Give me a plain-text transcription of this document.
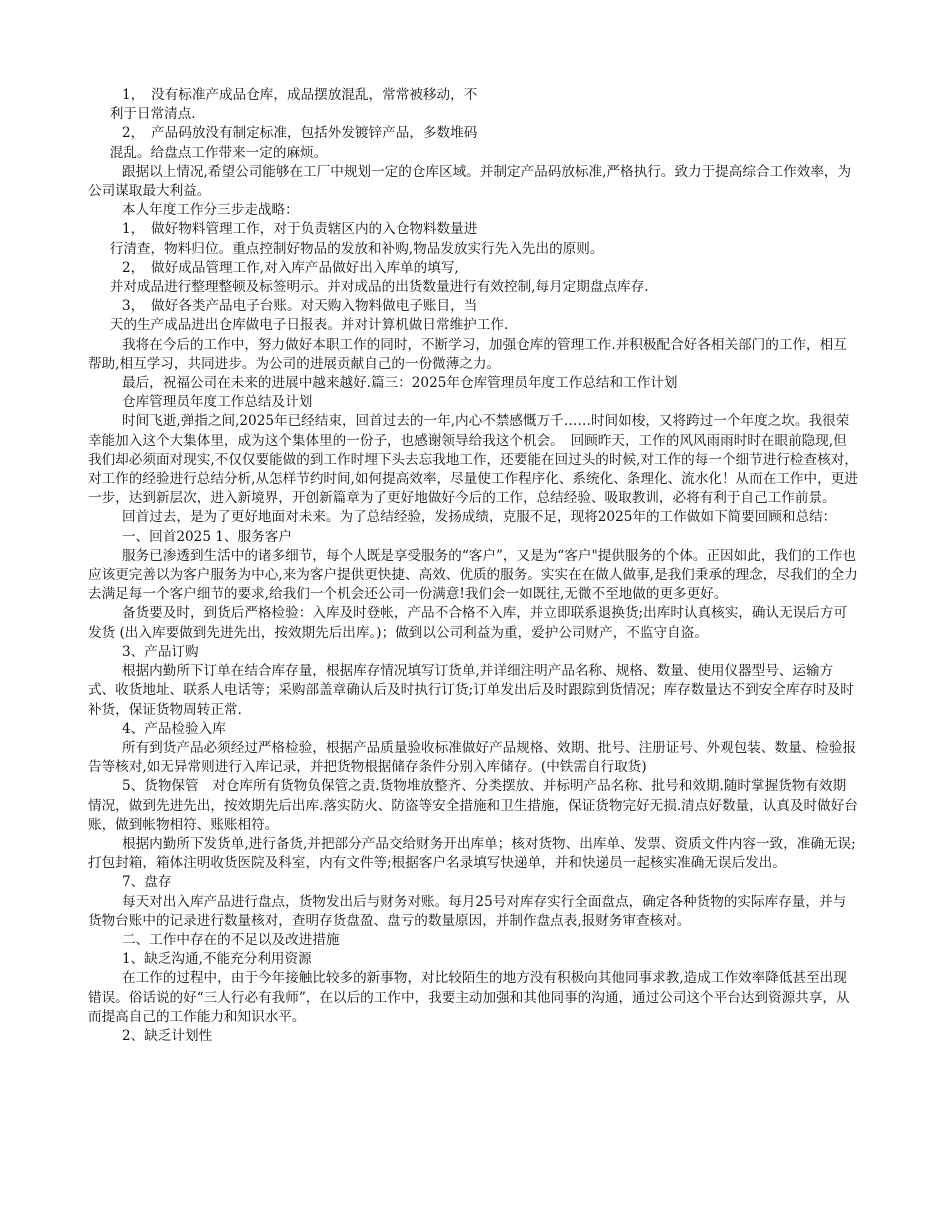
1，　没有标准产成品仓库，成品摆放混乱，常常被移动，不

利于日常清点.

2，　产品码放没有制定标准，包括外发镀锌产品，多数堆码

混乱。给盘点工作带来一定的麻烦。

跟据以上情况,希望公司能够在工厂中规划一定的仓库区域。并制定产品码放标准,严格执行。致力于提高综合工作效率，为公司谋取最大利益。

本人年度工作分三步走战略：

1，　做好物料管理工作，对于负责辖区内的入仓物料数量进

行清查，物料归位。重点控制好物品的发放和补购,物品发放实行先入先出的原则。

2，　做好成品管理工作,对入库产品做好出入库单的填写,

并对成品进行整理整顿及标签明示。并对成品的出货数量进行有效控制,每月定期盘点库存.

3，　做好各类产品电子台账。对天购入物料做电子账目，当

天的生产成品进出仓库做电子日报表。并对计算机做日常维护工作.

我将在今后的工作中，努力做好本职工作的同时，不断学习，加强仓库的管理工作.并积极配合好各相关部门的工作，相互帮助,相互学习，共同进步。为公司的进展贡献自己的一份微薄之力。

最后，祝福公司在未来的进展中越来越好.篇三：2025年仓库管理员年度工作总结和工作计划

仓库管理员年度工作总结及计划

时间飞逝,弹指之间,2025年已经结束，回首过去的一年,内心不禁感慨万千……时间如梭，又将跨过一个年度之坎。我很荣幸能加入这个大集体里，成为这个集体里的一份子，也感谢领导给我这个机会。　回顾昨天，工作的风风雨雨时时在眼前隐现,但我们却必须面对现实,不仅仅要能做的到工作时埋下头去忘我地工作，还要能在回过头的时候,对工作的每一个细节进行检查核对，对工作的经验进行总结分析,从怎样节约时间,如何提高效率，尽量使工作程序化、系统化、条理化、流水化！从而在工作中，更进一步，达到新层次，进入新境界，开创新篇章为了更好地做好今后的工作，总结经验、吸取教训，必将有利于自己工作前景。

回首过去，是为了更好地面对未来。为了总结经验，发扬成绩，克服不足，现将2025年的工作做如下简要回顾和总结：

一、回首2025 1、服务客户

服务已渗透到生活中的诸多细节，每个人既是享受服务的“客户”，又是为“客户"提供服务的个体。正因如此，我们的工作也应该更完善以为客户服务为中心,来为客户提供更快捷、高效、优质的服务。实实在在做人做事,是我们秉承的理念，尽我们的全力去满足每一个客户细节的要求,给我们一个机会还公司一份满意!我们会一如既往,无微不至地做的更多更好。

备货要及时，到货后严格检验：入库及时登帐，产品不合格不入库，并立即联系退换货;出库时认真核实，确认无误后方可发货 (出入库要做到先进先出，按效期先后出库。)；做到以公司利益为重，爱护公司财产，不监守自盗。

3、产品订购

根据内勤所下订单在结合库存量，根据库存情况填写订货单,并详细注明产品名称、规格、数量、使用仪器型号、运输方式、收货地址、联系人电话等；采购部盖章确认后及时执行订货;订单发出后及时跟踪到货情况；库存数量达不到安全库存时及时补货，保证货物周转正常.

4、产品检验入库

所有到货产品必须经过严格检验，根据产品质量验收标准做好产品规格、效期、批号、注册证号、外观包装、数量、检验报告等核对,如无异常则进行入库记录，并把货物根据储存条件分别入库储存。(中铁需自行取货)

5、货物保管　对仓库所有货物负保管之责.货物堆放整齐、分类摆放、并标明产品名称、批号和效期.随时掌握货物有效期情况，做到先进先出，按效期先后出库.落实防火、防盗等安全措施和卫生措施，保证货物完好无损.清点好数量，认真及时做好台账，做到帐物相符、账账相符。

根据内勤所下发货单,进行备货,并把部分产品交给财务开出库单；核对货物、出库单、发票、资质文件内容一致，准确无误;打包封箱，箱体注明收货医院及科室，内有文件等;根据客户名录填写快递单，并和快递员一起核实准确无误后发出。

7、盘存

每天对出入库产品进行盘点，货物发出后与财务对账。每月25号对库存实行全面盘点，确定各种货物的实际库存量，并与货物台账中的记录进行数量核对，查明存货盘盈、盘亏的数量原因，并制作盘点表,报财务审查核对。

二、工作中存在的不足以及改进措施

1、缺乏沟通,不能充分利用资源

在工作的过程中，由于今年接触比较多的新事物，对比较陌生的地方没有积极向其他同事求教,造成工作效率降低甚至出现错误。俗话说的好“三人行必有我师”，在以后的工作中，我要主动加强和其他同事的沟通，通过公司这个平台达到资源共享，从而提高自己的工作能力和知识水平。

2、缺乏计划性
